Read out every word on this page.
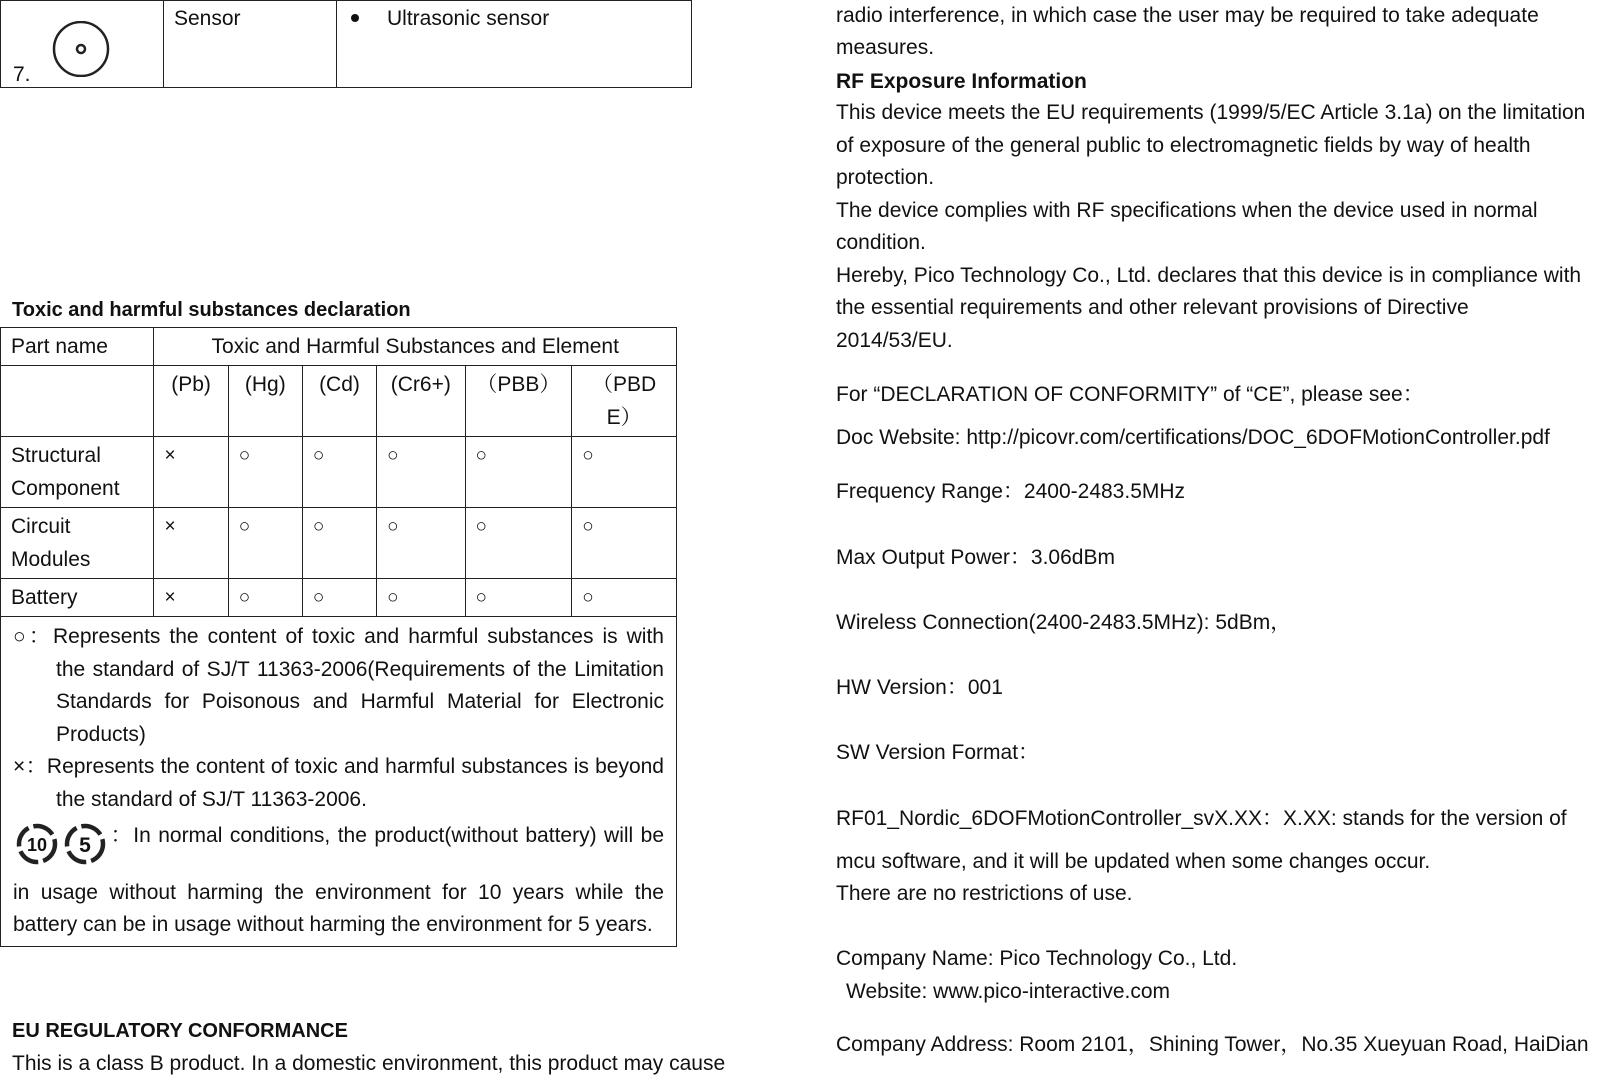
7.
	Sensor	Ultrasonic sensor
Toxic and harmful substances declaration
Part name	Toxic and Harmful Substances and Element					
	(Pb)	(Hg)	(Cd)	(Cr6+)	（PBB）	（PBDE）
Structural Component	×	○	○	○	○	○
Circuit Modules	×	○	○	○	○	○
Battery	×	○	○	○	○	○

○：Represents the content of toxic and harmful substances is with the standard of SJ/T 11363-2006(Requirements of the Limitation Standards for Poisonous and Harmful Material for Electronic Products)
×：Represents the content of toxic and harmful substances is beyond the standard of SJ/T 11363-2006.
10 5 ：In normal conditions, the product(without battery) will be in usage without harming the environment for 10 years while the battery can be in usage without harming the environment for 5 years.						
EU REGULATORY CONFORMANCE
This is a class B product. In a domestic environment, this product may cause
radio interference, in which case the user may be required to take adequate
measures.
RF Exposure Information
This device meets the EU requirements (1999/5/EC Article 3.1a) on the limitation
of exposure of the general public to electromagnetic fields by way of health
protection.
The device complies with RF specifications when the device used in normal
condition.
Hereby, Pico Technology Co., Ltd. declares that this device is in compliance with
the essential requirements and other relevant provisions of Directive
2014/53/EU.
For “DECLARATION OF CONFORMITY” of “CE”, please see：
Doc Website: http://picovr.com/certifications/DOC_6DOFMotionController.pdf
Frequency Range：2400-2483.5MHz
Max Output Power：3.06dBm
Wireless Connection(2400-2483.5MHz): 5dBm，
HW Version：001
SW Version Format：
RF01_Nordic_6DOFMotionController_svX.XX：X.XX: stands for the version of
mcu software, and it will be updated when some changes occur.
There are no restrictions of use.
Company Name: Pico Technology Co., Ltd.
Website: www.pico-interactive.com
Company Address: Room 2101，Shining Tower，No.35 Xueyuan Road, HaiDian
